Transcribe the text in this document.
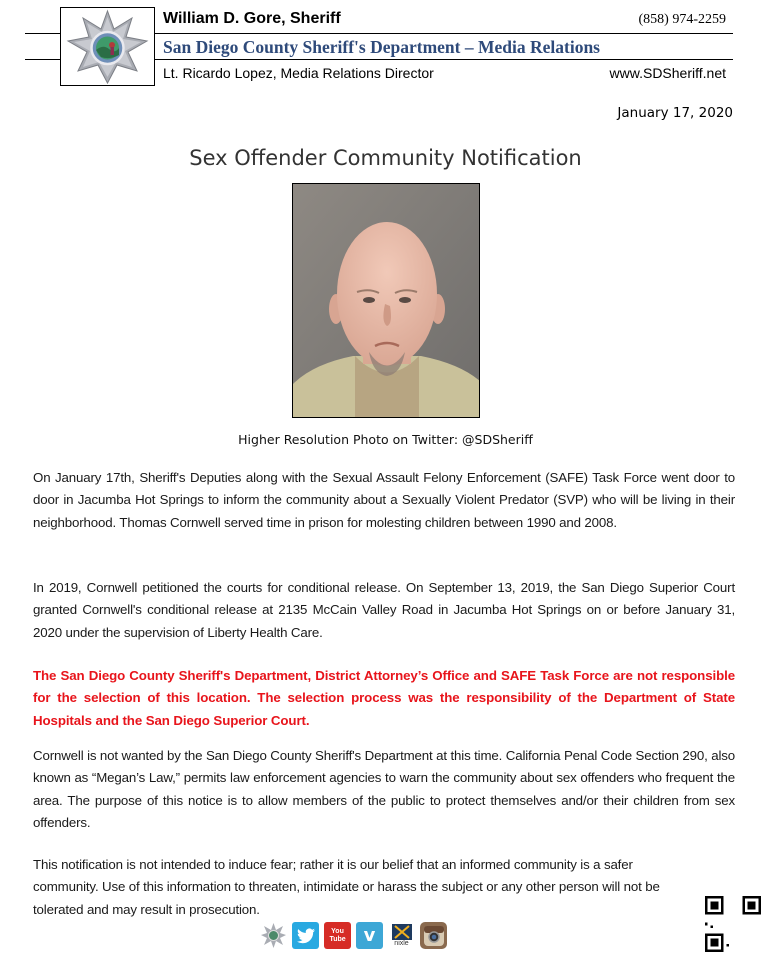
William D. Gore, Sheriff	(858) 974-2259
San Diego County Sheriff's Department – Media Relations
Lt. Ricardo Lopez, Media Relations Director	www.SDSheriff.net
January 17, 2020
Sex Offender Community Notification
Higher Resolution Photo on Twitter: @SDSheriff
On January 17th, Sheriff's Deputies along with the Sexual Assault Felony Enforcement (SAFE) Task Force went door to door in Jacumba Hot Springs to inform the community about a Sexually Violent Predator (SVP) who will be living in their neighborhood. Thomas Cornwell served time in prison for molesting children between 1990 and 2008.
In 2019, Cornwell petitioned the courts for conditional release. On September 13, 2019, the San Diego Superior Court granted Cornwell's conditional release at 2135 McCain Valley Road in Jacumba Hot Springs on or before January 31, 2020 under the supervision of Liberty Health Care.
The San Diego County Sheriff's Department, District Attorney’s Office and SAFE Task Force are not responsible for the selection of this location. The selection process was the responsibility of the Department of State Hospitals and the San Diego Superior Court.
Cornwell is not wanted by the San Diego County Sheriff's Department at this time. California Penal Code Section 290, also known as “Megan’s Law,” permits law enforcement agencies to warn the community about sex offenders who frequent the area. The purpose of this notice is to allow members of the public to protect themselves and/or their children from sex offenders.
This notification is not intended to induce fear; rather it is our belief that an informed community is a safer community. Use of this information to threaten, intimidate or harass the subject or any other person will not be tolerated and may result in prosecution.
You Tube v	nixle
